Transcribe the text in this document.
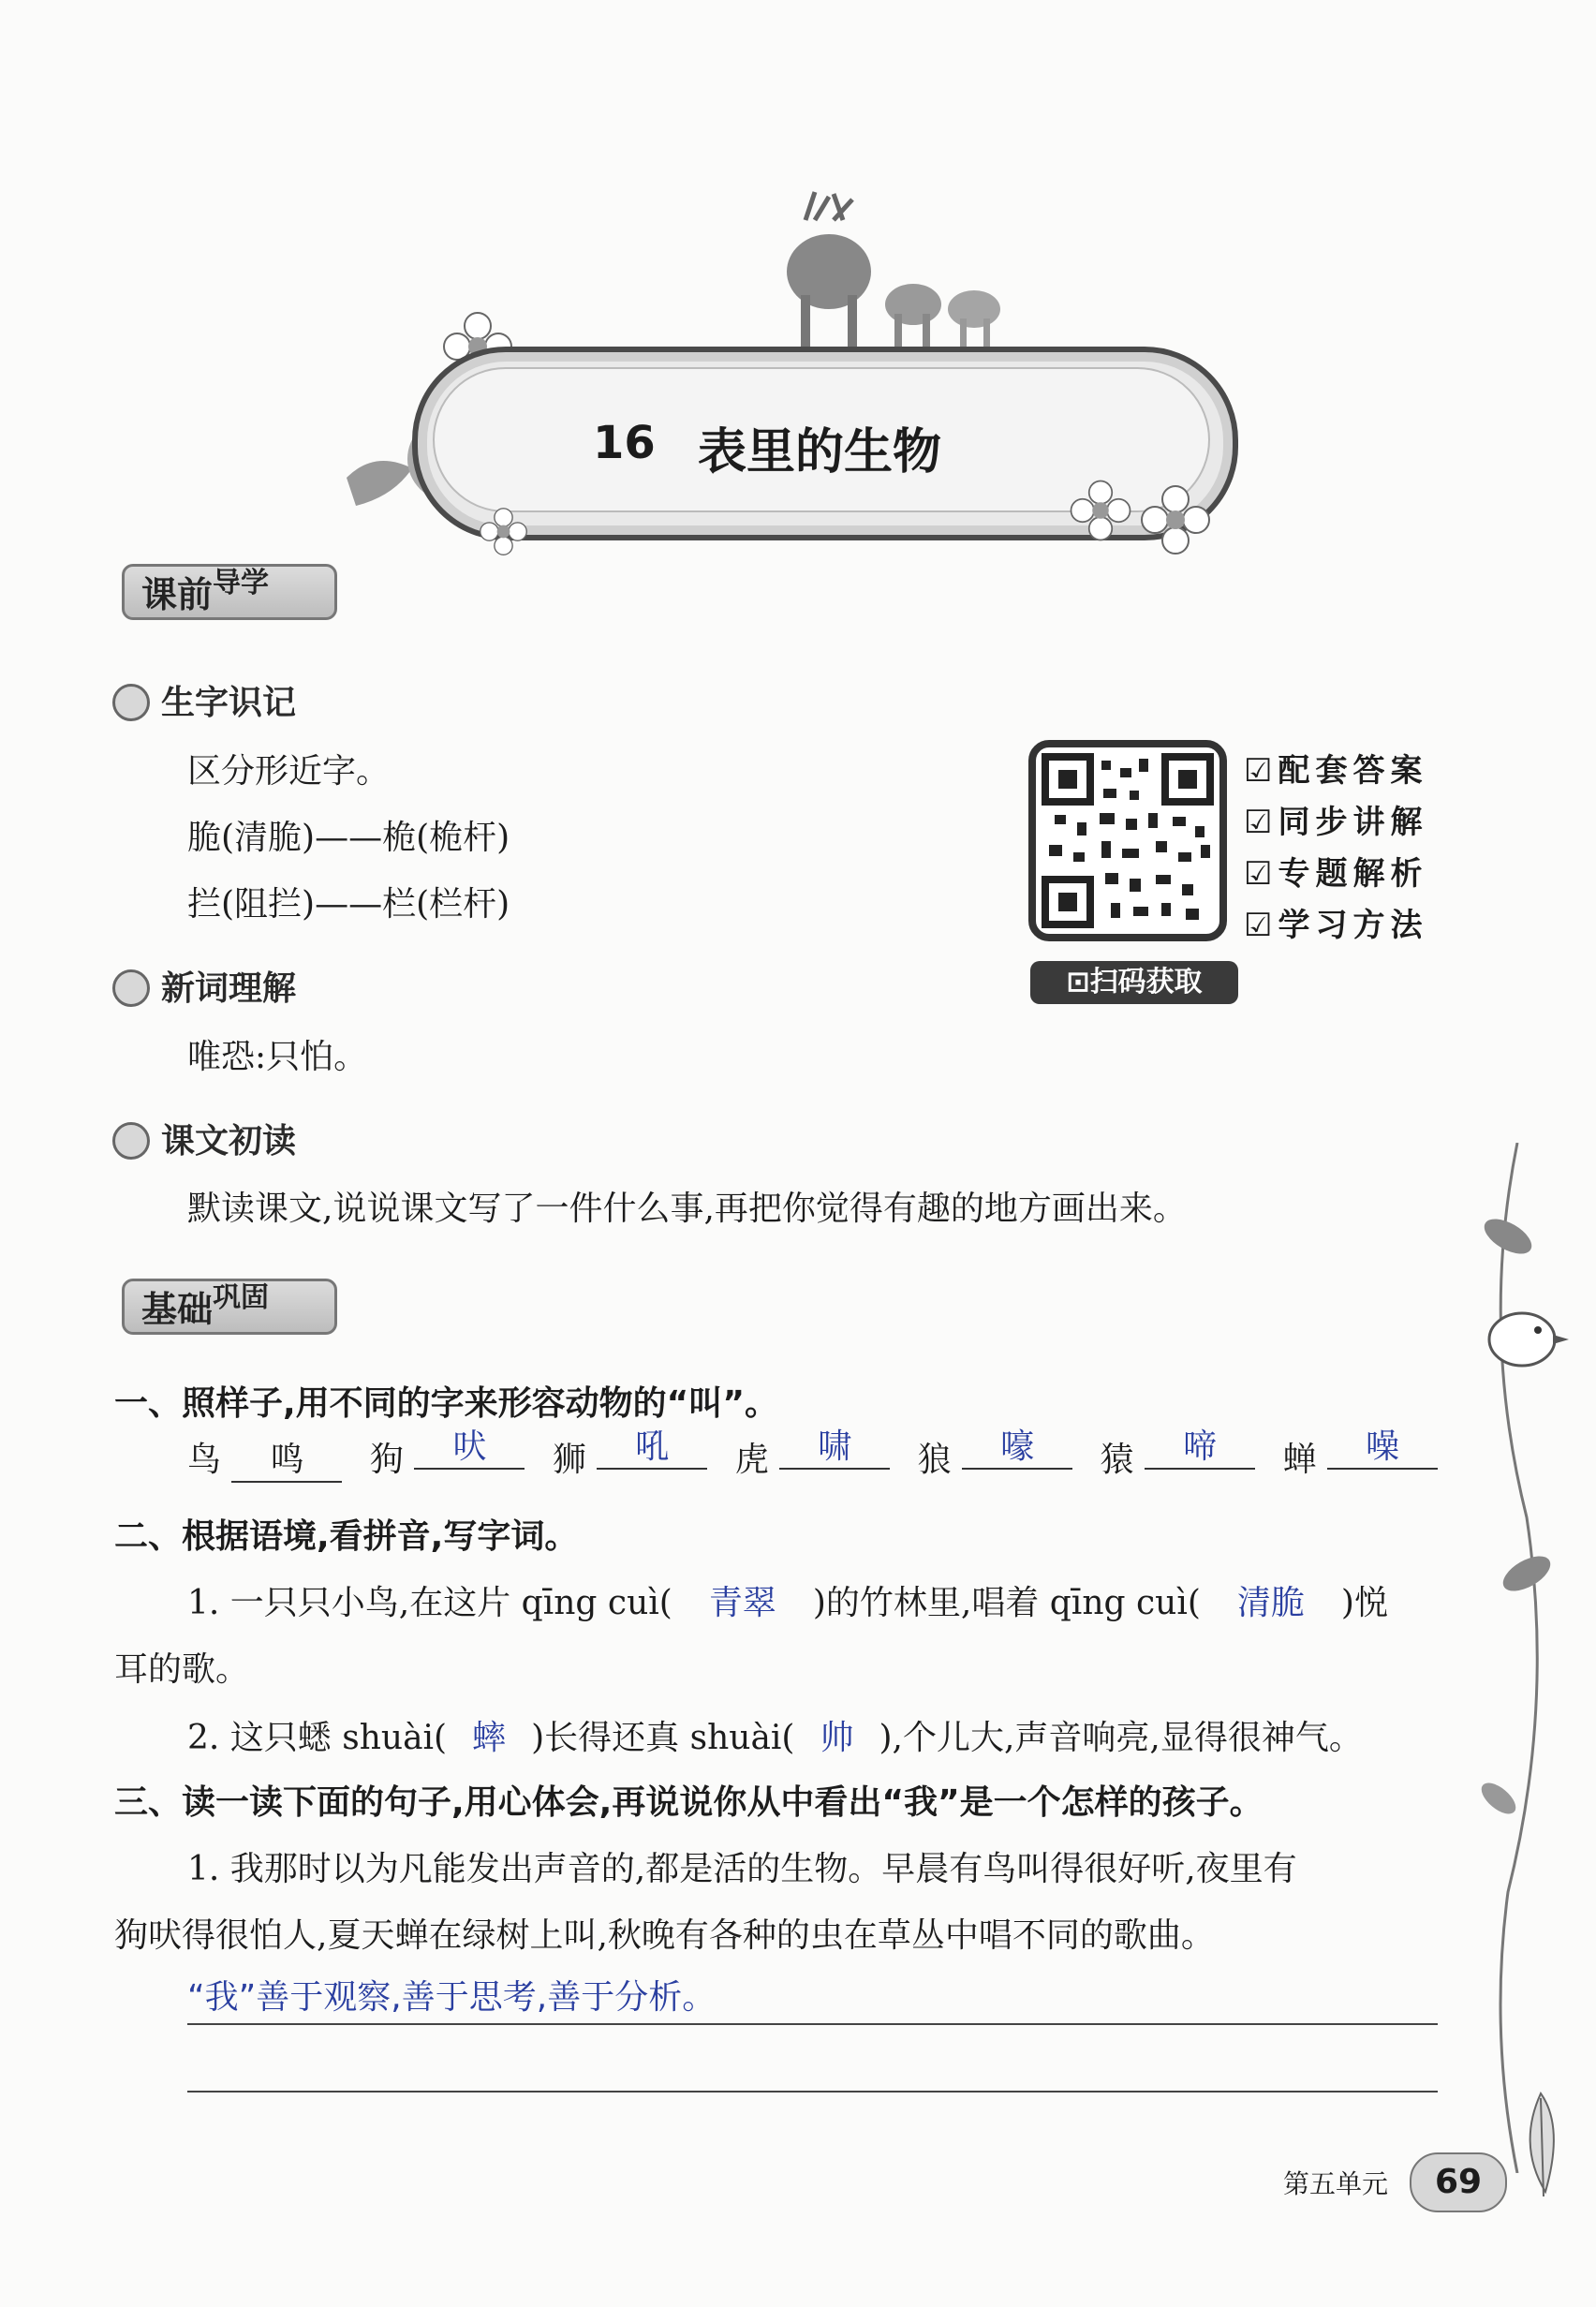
16 表里的生物
课前$^{导学}$
生字识记
区分形近字。
脆(清脆)——桅(桅杆)
拦(阻拦)——栏(栏杆)
☑配套答案
☑同步讲解
☑专题解析
☑学习方法
⊡扫码获取
新词理解
唯恐:只怕。
课文初读
默读课文,说说课文写了一件什么事,再把你觉得有趣的地方画出来。
基础$^{巩固}$
一、照样子,用不同的字来形容动物的“叫”。
鸟 鸣 狗 吠 狮 吼 虎 啸 狼 嚎 猿 啼 蝉 噪
二、根据语境,看拼音,写字词。
1. 一只只小鸟,在这片 qīng cuì( 青翠 )的竹林里,唱着 qīng cuì( 清脆 )悦
耳的歌。
2. 这只蟋 shuài( 蟀 )长得还真 shuài( 帅 ),个儿大,声音响亮,显得很神气。
三、读一读下面的句子,用心体会,再说说你从中看出“我”是一个怎样的孩子。
1. 我那时以为凡能发出声音的,都是活的生物。早晨有鸟叫得很好听,夜里有
狗吠得很怕人,夏天蝉在绿树上叫,秋晚有各种的虫在草丛中唱不同的歌曲。
“我”善于观察,善于思考,善于分析。
第五单元	69
